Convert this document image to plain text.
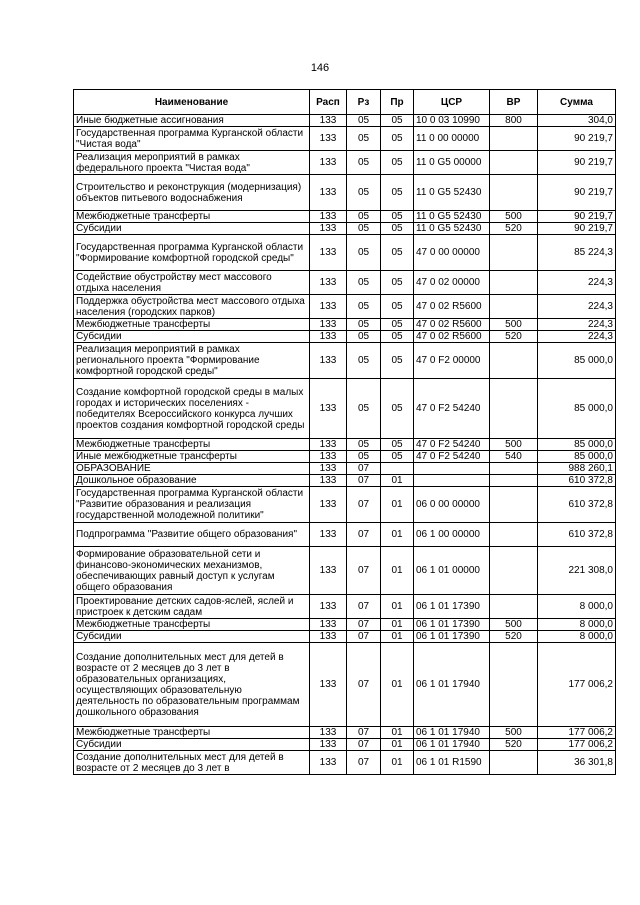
146
Наименование	Расп	Рз	Пр	ЦСР	ВР	Сумма
Иные бюджетные ассигнования	133	05	05	10 0 03 10990	800	304,0
Государственная программа Курганской области "Чистая вода"	133	05	05	11 0 00 00000		90 219,7
Реализация мероприятий в рамках федерального проекта "Чистая вода"	133	05	05	11 0 G5 00000		90 219,7
Строительство и реконструкция (модернизация) объектов питьевого водоснабжения	133	05	05	11 0 G5 52430		90 219,7
Межбюджетные трансферты	133	05	05	11 0 G5 52430	500	90 219,7
Субсидии	133	05	05	11 0 G5 52430	520	90 219,7
Государственная программа Курганской области "Формирование комфортной городской среды"	133	05	05	47 0 00 00000		85 224,3
Содействие обустройству мест массового отдыха населения	133	05	05	47 0 02 00000		224,3
Поддержка обустройства мест массового отдыха населения (городских парков)	133	05	05	47 0 02 R5600		224,3
Межбюджетные трансферты	133	05	05	47 0 02 R5600	500	224,3
Субсидии	133	05	05	47 0 02 R5600	520	224,3
Реализация мероприятий в рамках регионального проекта "Формирование комфортной городской среды"	133	05	05	47 0 F2 00000		85 000,0
Создание комфортной городской среды в малых городах и исторических поселениях - победителях Всероссийского конкурса лучших проектов создания комфортной городской среды	133	05	05	47 0 F2 54240		85 000,0
Межбюджетные трансферты	133	05	05	47 0 F2 54240	500	85 000,0
Иные межбюджетные трансферты	133	05	05	47 0 F2 54240	540	85 000,0
ОБРАЗОВАНИЕ	133	07				988 260,1
Дошкольное образование	133	07	01			610 372,8
Государственная программа Курганской области "Развитие образования и реализация государственной молодежной политики"	133	07	01	06 0 00 00000		610 372,8
Подпрограмма "Развитие общего образования"	133	07	01	06 1 00 00000		610 372,8
Формирование образовательной сети и финансово-экономических механизмов, обеспечивающих равный доступ к услугам общего образования	133	07	01	06 1 01 00000		221 308,0
Проектирование детских садов-яслей, яслей и пристроек к детским садам	133	07	01	06 1 01 17390		8 000,0
Межбюджетные трансферты	133	07	01	06 1 01 17390	500	8 000,0
Субсидии	133	07	01	06 1 01 17390	520	8 000,0
Создание дополнительных мест для детей в возрасте от 2 месяцев до 3 лет в образовательных организациях, осуществляющих образовательную деятельность по образовательным программам дошкольного образования	133	07	01	06 1 01 17940		177 006,2
Межбюджетные трансферты	133	07	01	06 1 01 17940	500	177 006,2
Субсидии	133	07	01	06 1 01 17940	520	177 006,2
Создание дополнительных мест для детей в возрасте от 2 месяцев до 3 лет в	133	07	01	06 1 01 R1590		36 301,8
